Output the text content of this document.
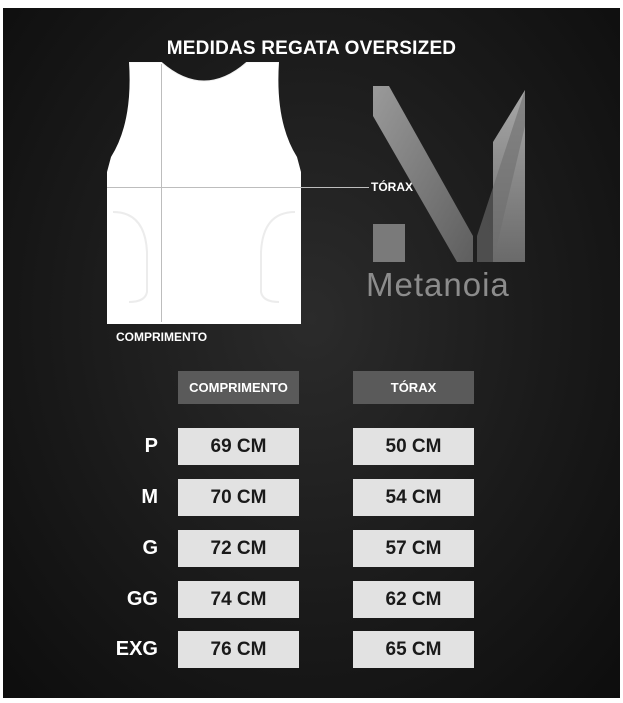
MEDIDAS REGATA OVERSIZED
TÓRAX
COMPRIMENTO
Metanoia
COMPRIMENTO	TÓRAX
P	69 CM	50 CM
M	70 CM	54 CM
G	72 CM	57 CM
GG	74 CM	62 CM
EXG	76 CM	65 CM
